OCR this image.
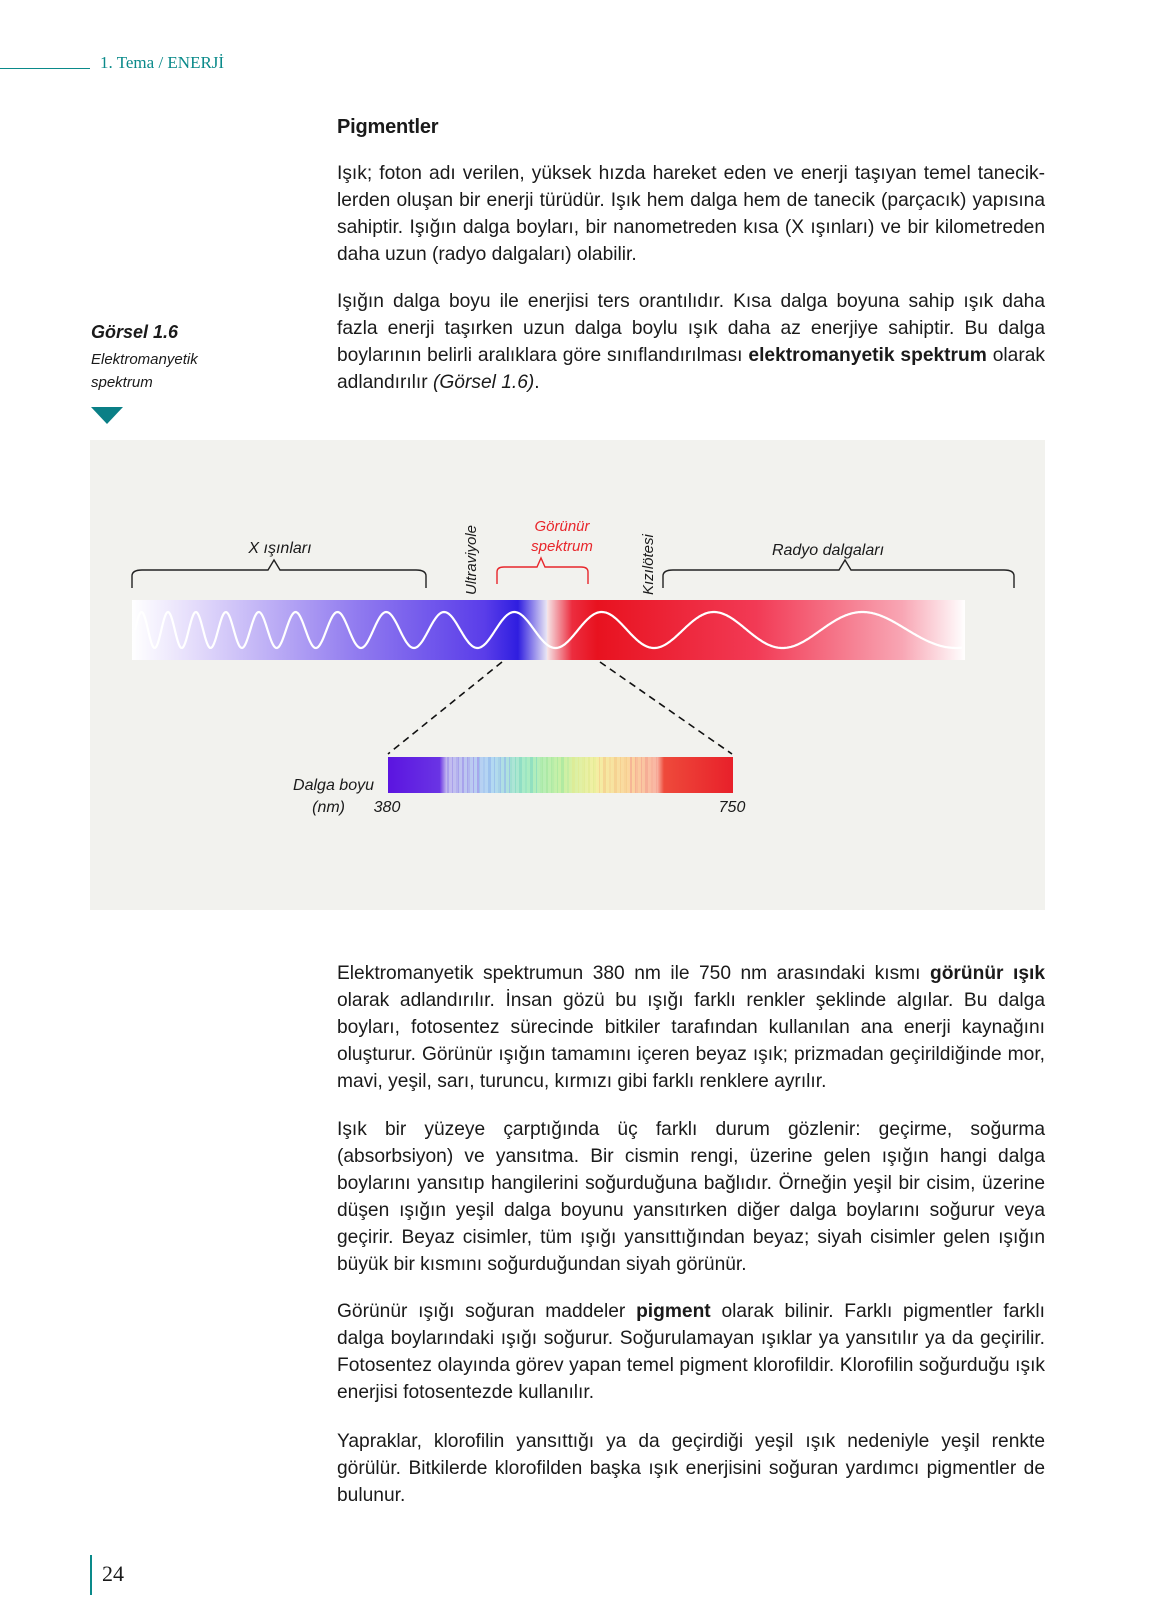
1. Tema / ENERJİ
Pigmentler

Işık; foton adı verilen, yüksek hızda hareket eden ve enerji taşıyan temel taneciklerden oluşan bir enerji türüdür. Işık hem dalga hem de tanecik (parçacık) yapısına sahiptir. Işığın dalga boyları, bir nanometreden kısa (X ışınları) ve bir kilometreden daha uzun (radyo dalgaları) olabilir.

Işığın dalga boyu ile enerjisi ters orantılıdır. Kısa dalga boyuna sahip ışık daha fazla enerji taşırken uzun dalga boylu ışık daha az enerjiye sahiptir. Bu dalga boylarının belirli aralıklara göre sınıflandırılması elektromanyetik spektrum olarak adlandırılır (Görsel 1.6).

Görsel 1.6
Elektromanyetik spektrum
X ışınları	Ultraviyole	Görünür
spektrum	Kızılötesi	Radyo dalgaları
Dalga boyu
(nm) 380	750

Elektromanyetik spektrumun 380 nm ile 750 nm arasındaki kısmı görünür ışık olarak adlandırılır. İnsan gözü bu ışığı farklı renkler şeklinde algılar. Bu dalga boyları, fotosentez sürecinde bitkiler tarafından kullanılan ana enerji kaynağını oluşturur. Görünür ışığın tamamını içeren beyaz ışık; prizmadan geçirildiğinde mor, mavi, yeşil, sarı, turuncu, kırmızı gibi farklı renklere ayrılır.

Işık bir yüzeye çarptığında üç farklı durum gözlenir: geçirme, soğurma (absorbsiyon) ve yansıtma. Bir cismin rengi, üzerine gelen ışığın hangi dalga boylarını yansıtıp hangilerini soğurduğuna bağlıdır. Örneğin yeşil bir cisim, üzerine düşen ışığın yeşil dalga boyunu yansıtırken diğer dalga boylarını soğurur veya geçirir. Beyaz cisimler, tüm ışığı yansıttığından beyaz; siyah cisimler gelen ışığın büyük bir kısmını soğurduğundan siyah görünür.

Görünür ışığı soğuran maddeler pigment olarak bilinir. Farklı pigmentler farklı dalga boylarındaki ışığı soğurur. Soğurulamayan ışıklar ya yansıtılır ya da geçirilir. Fotosentez olayında görev yapan temel pigment klorofildir. Klorofilin soğurduğu ışık enerjisi fotosentezde kullanılır.

Yapraklar, klorofilin yansıttığı ya da geçirdiği yeşil ışık nedeniyle yeşil renkte görülür. Bitkilerde klorofilden başka ışık enerjisini soğuran yardımcı pigmentler de bulunur.

24
